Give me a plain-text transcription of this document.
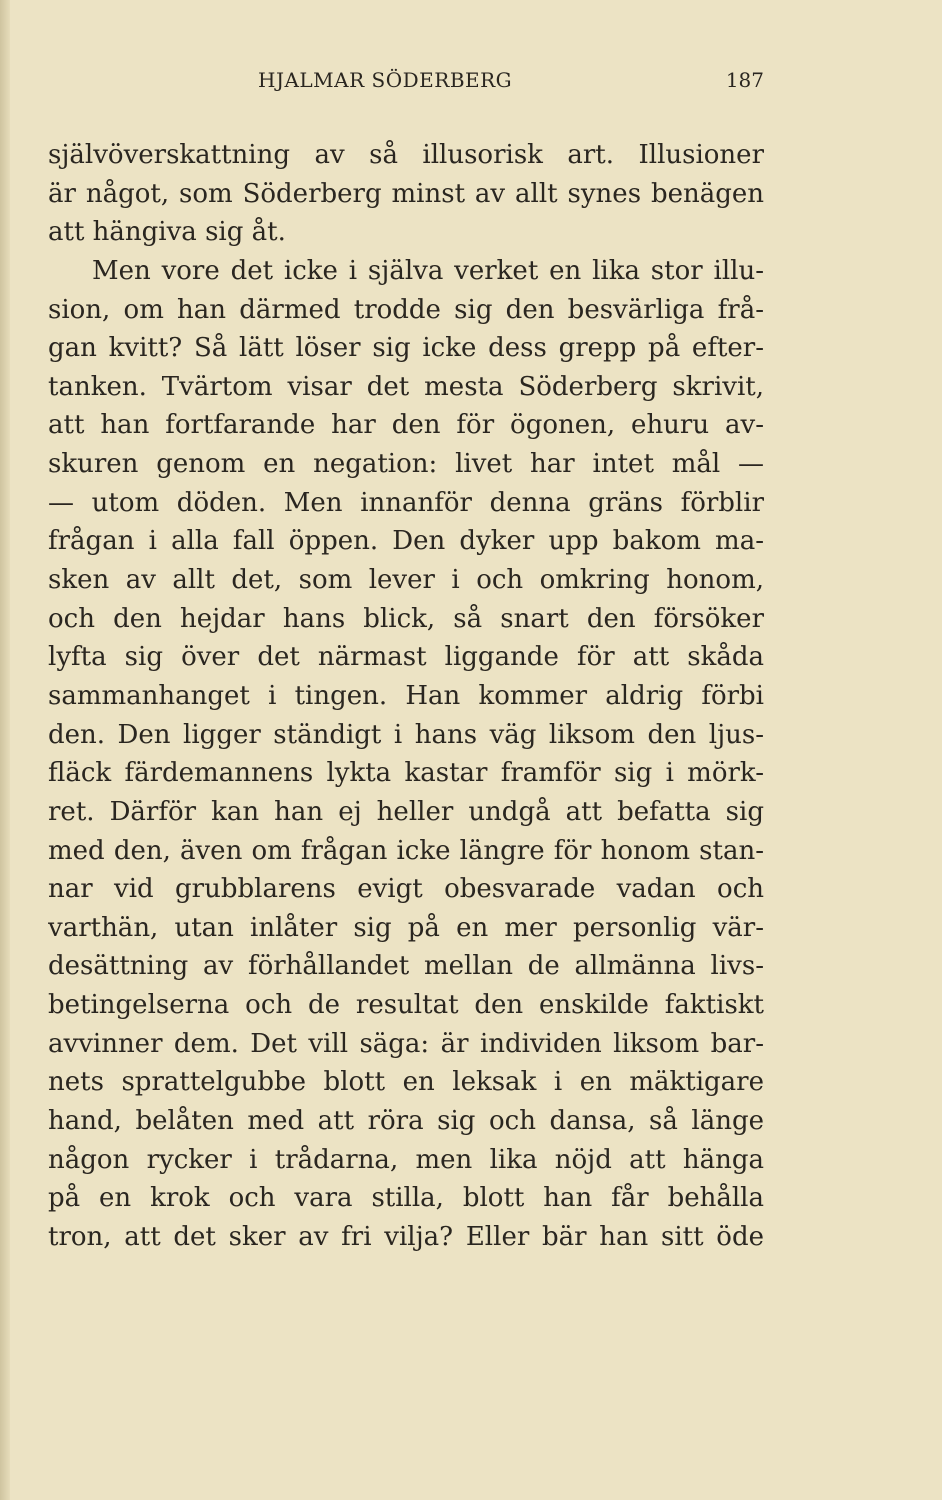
HJALMAR SÖDERBERG	187
självöverskattning av så illusorisk art. Illusioner
är något, som Söderberg minst av allt synes benägen
att hängiva sig åt.
Men vore det icke i själva verket en lika stor illu-
sion, om han därmed trodde sig den besvärliga frå-
gan kvitt? Så lätt löser sig icke dess grepp på efter-
tanken. Tvärtom visar det mesta Söderberg skrivit,
att han fortfarande har den för ögonen, ehuru av-
skuren genom en negation: livet har intet mål —
— utom döden. Men innanför denna gräns förblir
frågan i alla fall öppen. Den dyker upp bakom ma-
sken av allt det, som lever i och omkring honom,
och den hejdar hans blick, så snart den försöker
lyfta sig över det närmast liggande för att skåda
sammanhanget i tingen. Han kommer aldrig förbi
den. Den ligger ständigt i hans väg liksom den ljus-
fläck färdemannens lykta kastar framför sig i mörk-
ret. Därför kan han ej heller undgå att befatta sig
med den, även om frågan icke längre för honom stan-
nar vid grubblarens evigt obesvarade vadan och
varthän, utan inlåter sig på en mer personlig vär-
desättning av förhållandet mellan de allmänna livs-
betingelserna och de resultat den enskilde faktiskt
avvinner dem. Det vill säga: är individen liksom bar-
nets sprattelgubbe blott en leksak i en mäktigare
hand, belåten med att röra sig och dansa, så länge
någon rycker i trådarna, men lika nöjd att hänga
på en krok och vara stilla, blott han får behålla
tron, att det sker av fri vilja? Eller bär han sitt öde
